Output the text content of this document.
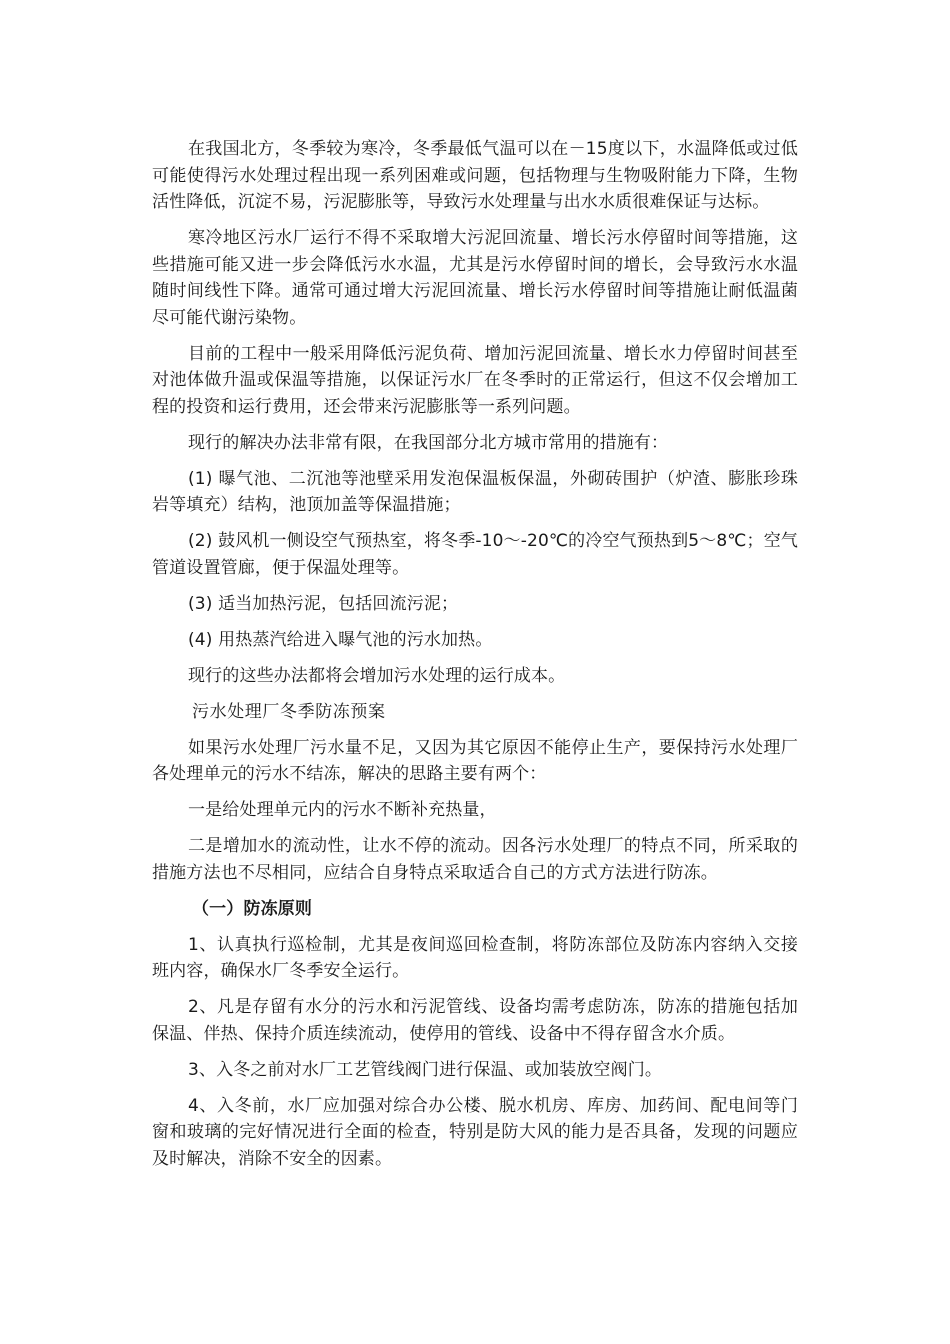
在我国北方，冬季较为寒冷，冬季最低气温可以在－15度以下，水温降低或过低可能使得污水处理过程出现一系列困难或问题，包括物理与生物吸附能力下降，生物活性降低，沉淀不易，污泥膨胀等，导致污水处理量与出水水质很难保证与达标。

寒冷地区污水厂运行不得不采取增大污泥回流量、增长污水停留时间等措施，这些措施可能又进一步会降低污水水温，尤其是污水停留时间的增长，会导致污水水温随时间线性下降。通常可通过增大污泥回流量、增长污水停留时间等措施让耐低温菌尽可能代谢污染物。

目前的工程中一般采用降低污泥负荷、增加污泥回流量、增长水力停留时间甚至对池体做升温或保温等措施，以保证污水厂在冬季时的正常运行，但这不仅会增加工程的投资和运行费用，还会带来污泥膨胀等一系列问题。

现行的解决办法非常有限，在我国部分北方城市常用的措施有：

(1) 曝气池、二沉池等池壁采用发泡保温板保温，外砌砖围护（炉渣、膨胀珍珠岩等填充）结构，池顶加盖等保温措施；

(2) 鼓风机一侧设空气预热室，将冬季-10～-20℃的冷空气预热到5～8℃；空气管道设置管廊，便于保温处理等。

(3) 适当加热污泥，包括回流污泥；

(4) 用热蒸汽给进入曝气池的污水加热。

现行的这些办法都将会增加污水处理的运行成本。

污水处理厂冬季防冻预案

如果污水处理厂污水量不足，又因为其它原因不能停止生产，要保持污水处理厂各处理单元的污水不结冻，解决的思路主要有两个：

一是给处理单元内的污水不断补充热量，

二是增加水的流动性，让水不停的流动。因各污水处理厂的特点不同，所采取的措施方法也不尽相同，应结合自身特点采取适合自己的方式方法进行防冻。

（一）防冻原则

1、认真执行巡检制，尤其是夜间巡回检查制，将防冻部位及防冻内容纳入交接班内容，确保水厂冬季安全运行。

2、凡是存留有水分的污水和污泥管线、设备均需考虑防冻，防冻的措施包括加保温、伴热、保持介质连续流动，使停用的管线、设备中不得存留含水介质。

3、入冬之前对水厂工艺管线阀门进行保温、或加装放空阀门。

4、入冬前，水厂应加强对综合办公楼、脱水机房、库房、加药间、配电间等门窗和玻璃的完好情况进行全面的检查，特别是防大风的能力是否具备，发现的问题应及时解决，消除不安全的因素。
